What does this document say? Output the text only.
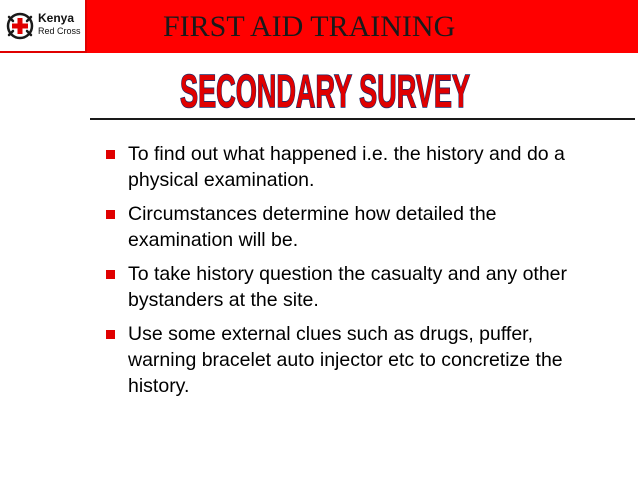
Kenya
Red Cross	FIRST AID TRAINING
SECONDARY SURVEY
To find out what happened i.e. the history and do a physical examination.
Circumstances determine how detailed the examination will be.
To take history question the casualty and any other bystanders at the site.
Use some external clues such as drugs, puffer, warning bracelet auto injector etc to concretize the history.
